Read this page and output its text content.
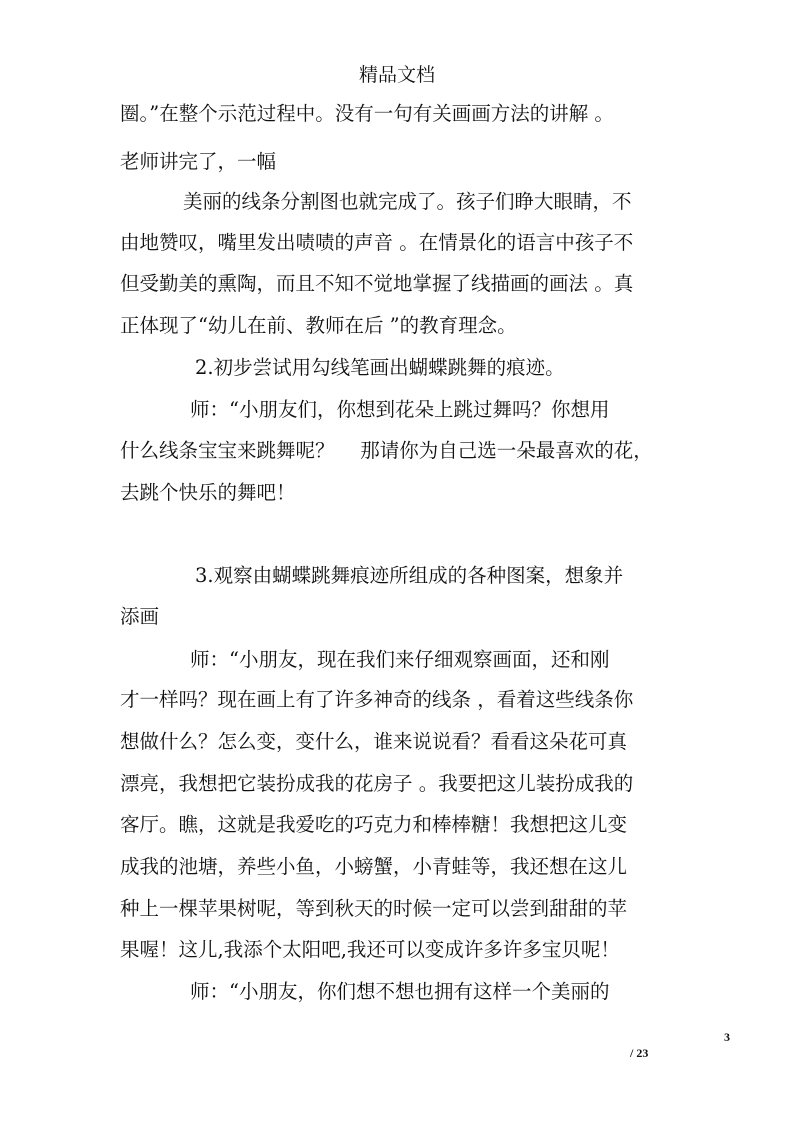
精品文档
圈。”在整个示范过程中。没有一句有关画画方法的讲解 。
老师讲完了，一幅
美丽的线条分割图也就完成了。孩子们睁大眼睛，不
由地赞叹，嘴里发出啧啧的声音 。在情景化的语言中孩子不
但受勤美的熏陶，而且不知不觉地掌握了线描画的画法 。真
正体现了“幼儿在前、教师在后 ”的教育理念。
2.初步尝试用勾线笔画出蝴蝶跳舞的痕迹。
师：“小朋友们，你想到花朵上跳过舞吗？你想用
什么线条宝宝来跳舞呢？　 那请你为自己选一朵最喜欢的花，
去跳个快乐的舞吧！
3.观察由蝴蝶跳舞痕迹所组成的各种图案，想象并
添画
师：“小朋友，现在我们来仔细观察画面，还和刚
才一样吗？现在画上有了许多神奇的线条 ，看着这些线条你
想做什么？怎么变，变什么，谁来说说看？看看这朵花可真
漂亮，我想把它装扮成我的花房子 。我要把这儿装扮成我的
客厅。瞧，这就是我爱吃的巧克力和棒棒糖！我想把这儿变
成我的池塘，养些小鱼，小螃蟹，小青蛙等，我还想在这儿
种上一棵苹果树呢，等到秋天的时候一定可以尝到甜甜的苹
果喔！这儿,我添个太阳吧,我还可以变成许多许多宝贝呢！
师：“小朋友，你们想不想也拥有这样一个美丽的
3
/ 23
